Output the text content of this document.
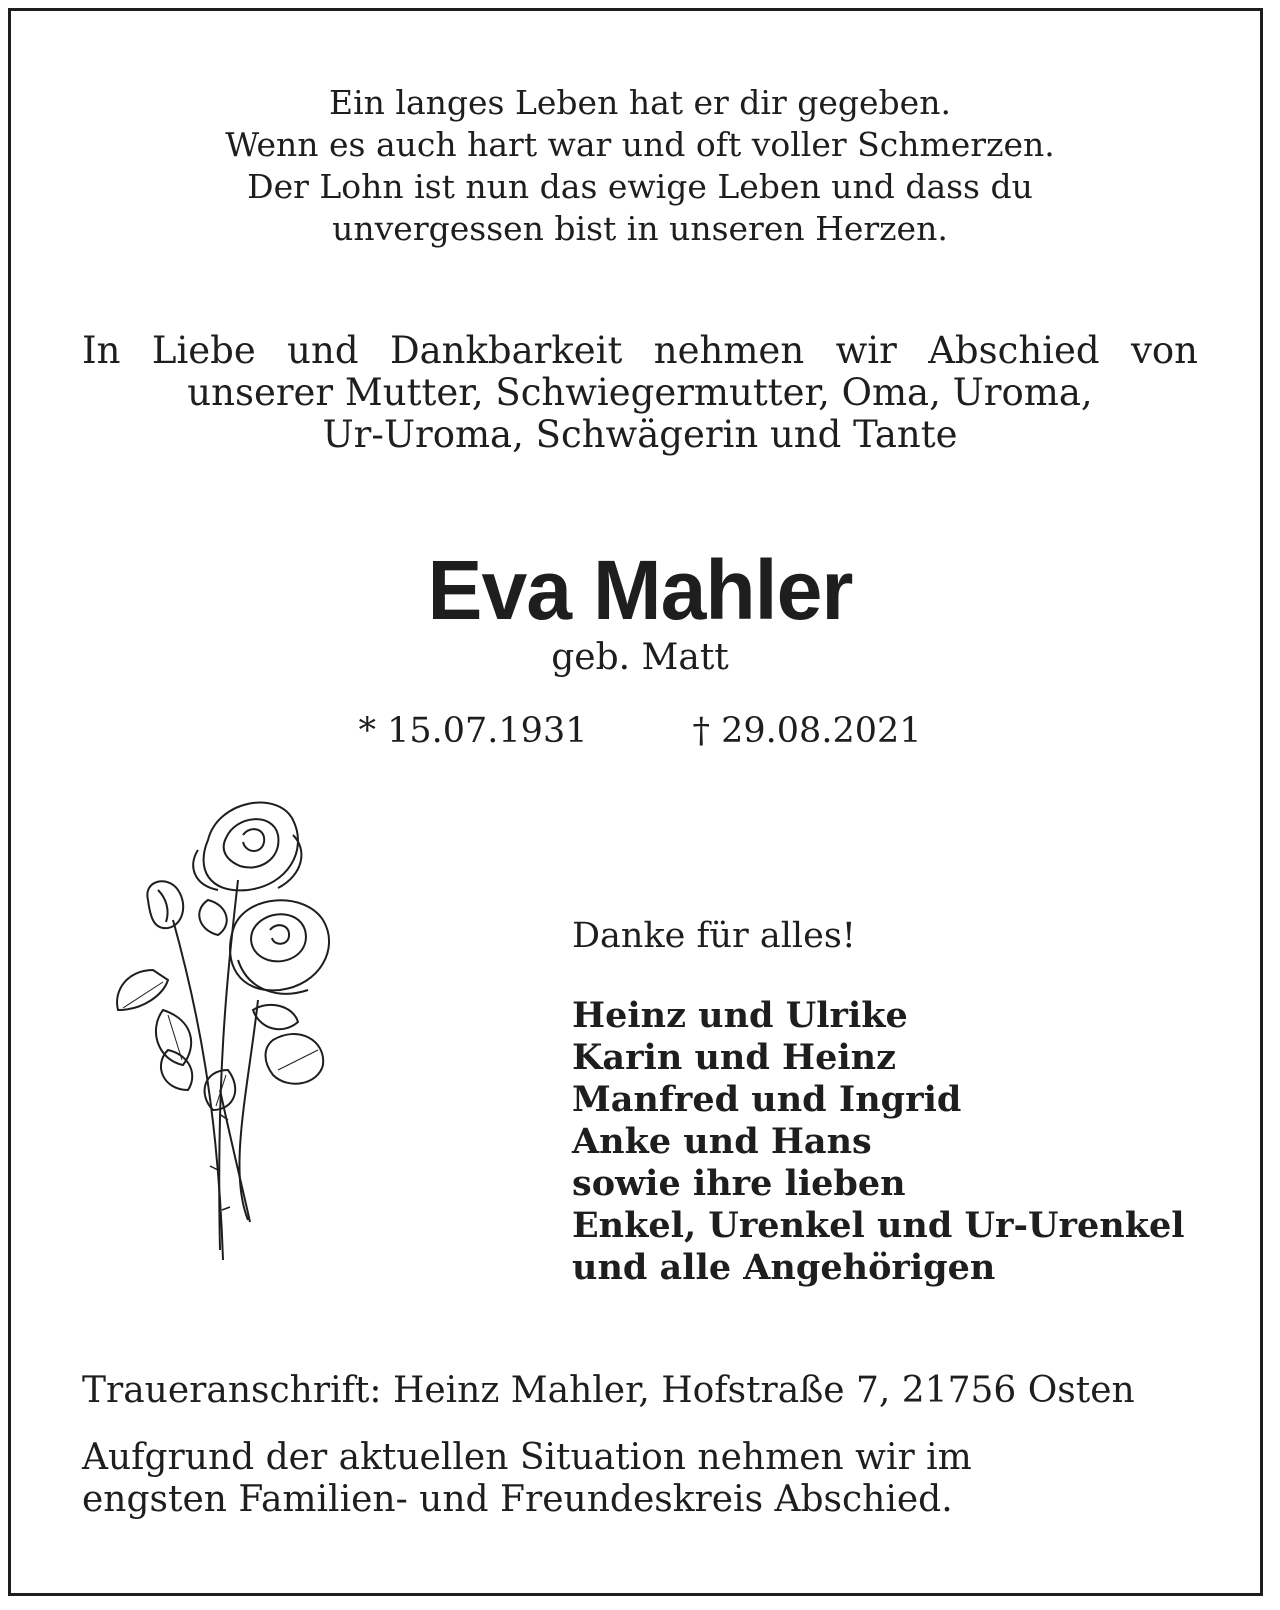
Ein langes Leben hat er dir gegeben.
Wenn es auch hart war und oft voller Schmerzen.
Der Lohn ist nun das ewige Leben und dass du
unvergessen bist in unseren Herzen.
In Liebe und Dankbarkeit nehmen wir Abschied von
unserer Mutter, Schwiegermutter, Oma, Uroma,
Ur-Uroma, Schwägerin und Tante
Eva Mahler
geb. Matt
* 15.07.1931	† 29.08.2021
Danke für alles!
Heinz und Ulrike
Karin und Heinz
Manfred und Ingrid
Anke und Hans
sowie ihre lieben
Enkel, Urenkel und Ur-Urenkel
und alle Angehörigen
Traueranschrift: Heinz Mahler, Hofstraße 7, 21756 Osten
Aufgrund der aktuellen Situation nehmen wir im
engsten Familien- und Freundeskreis Abschied.
